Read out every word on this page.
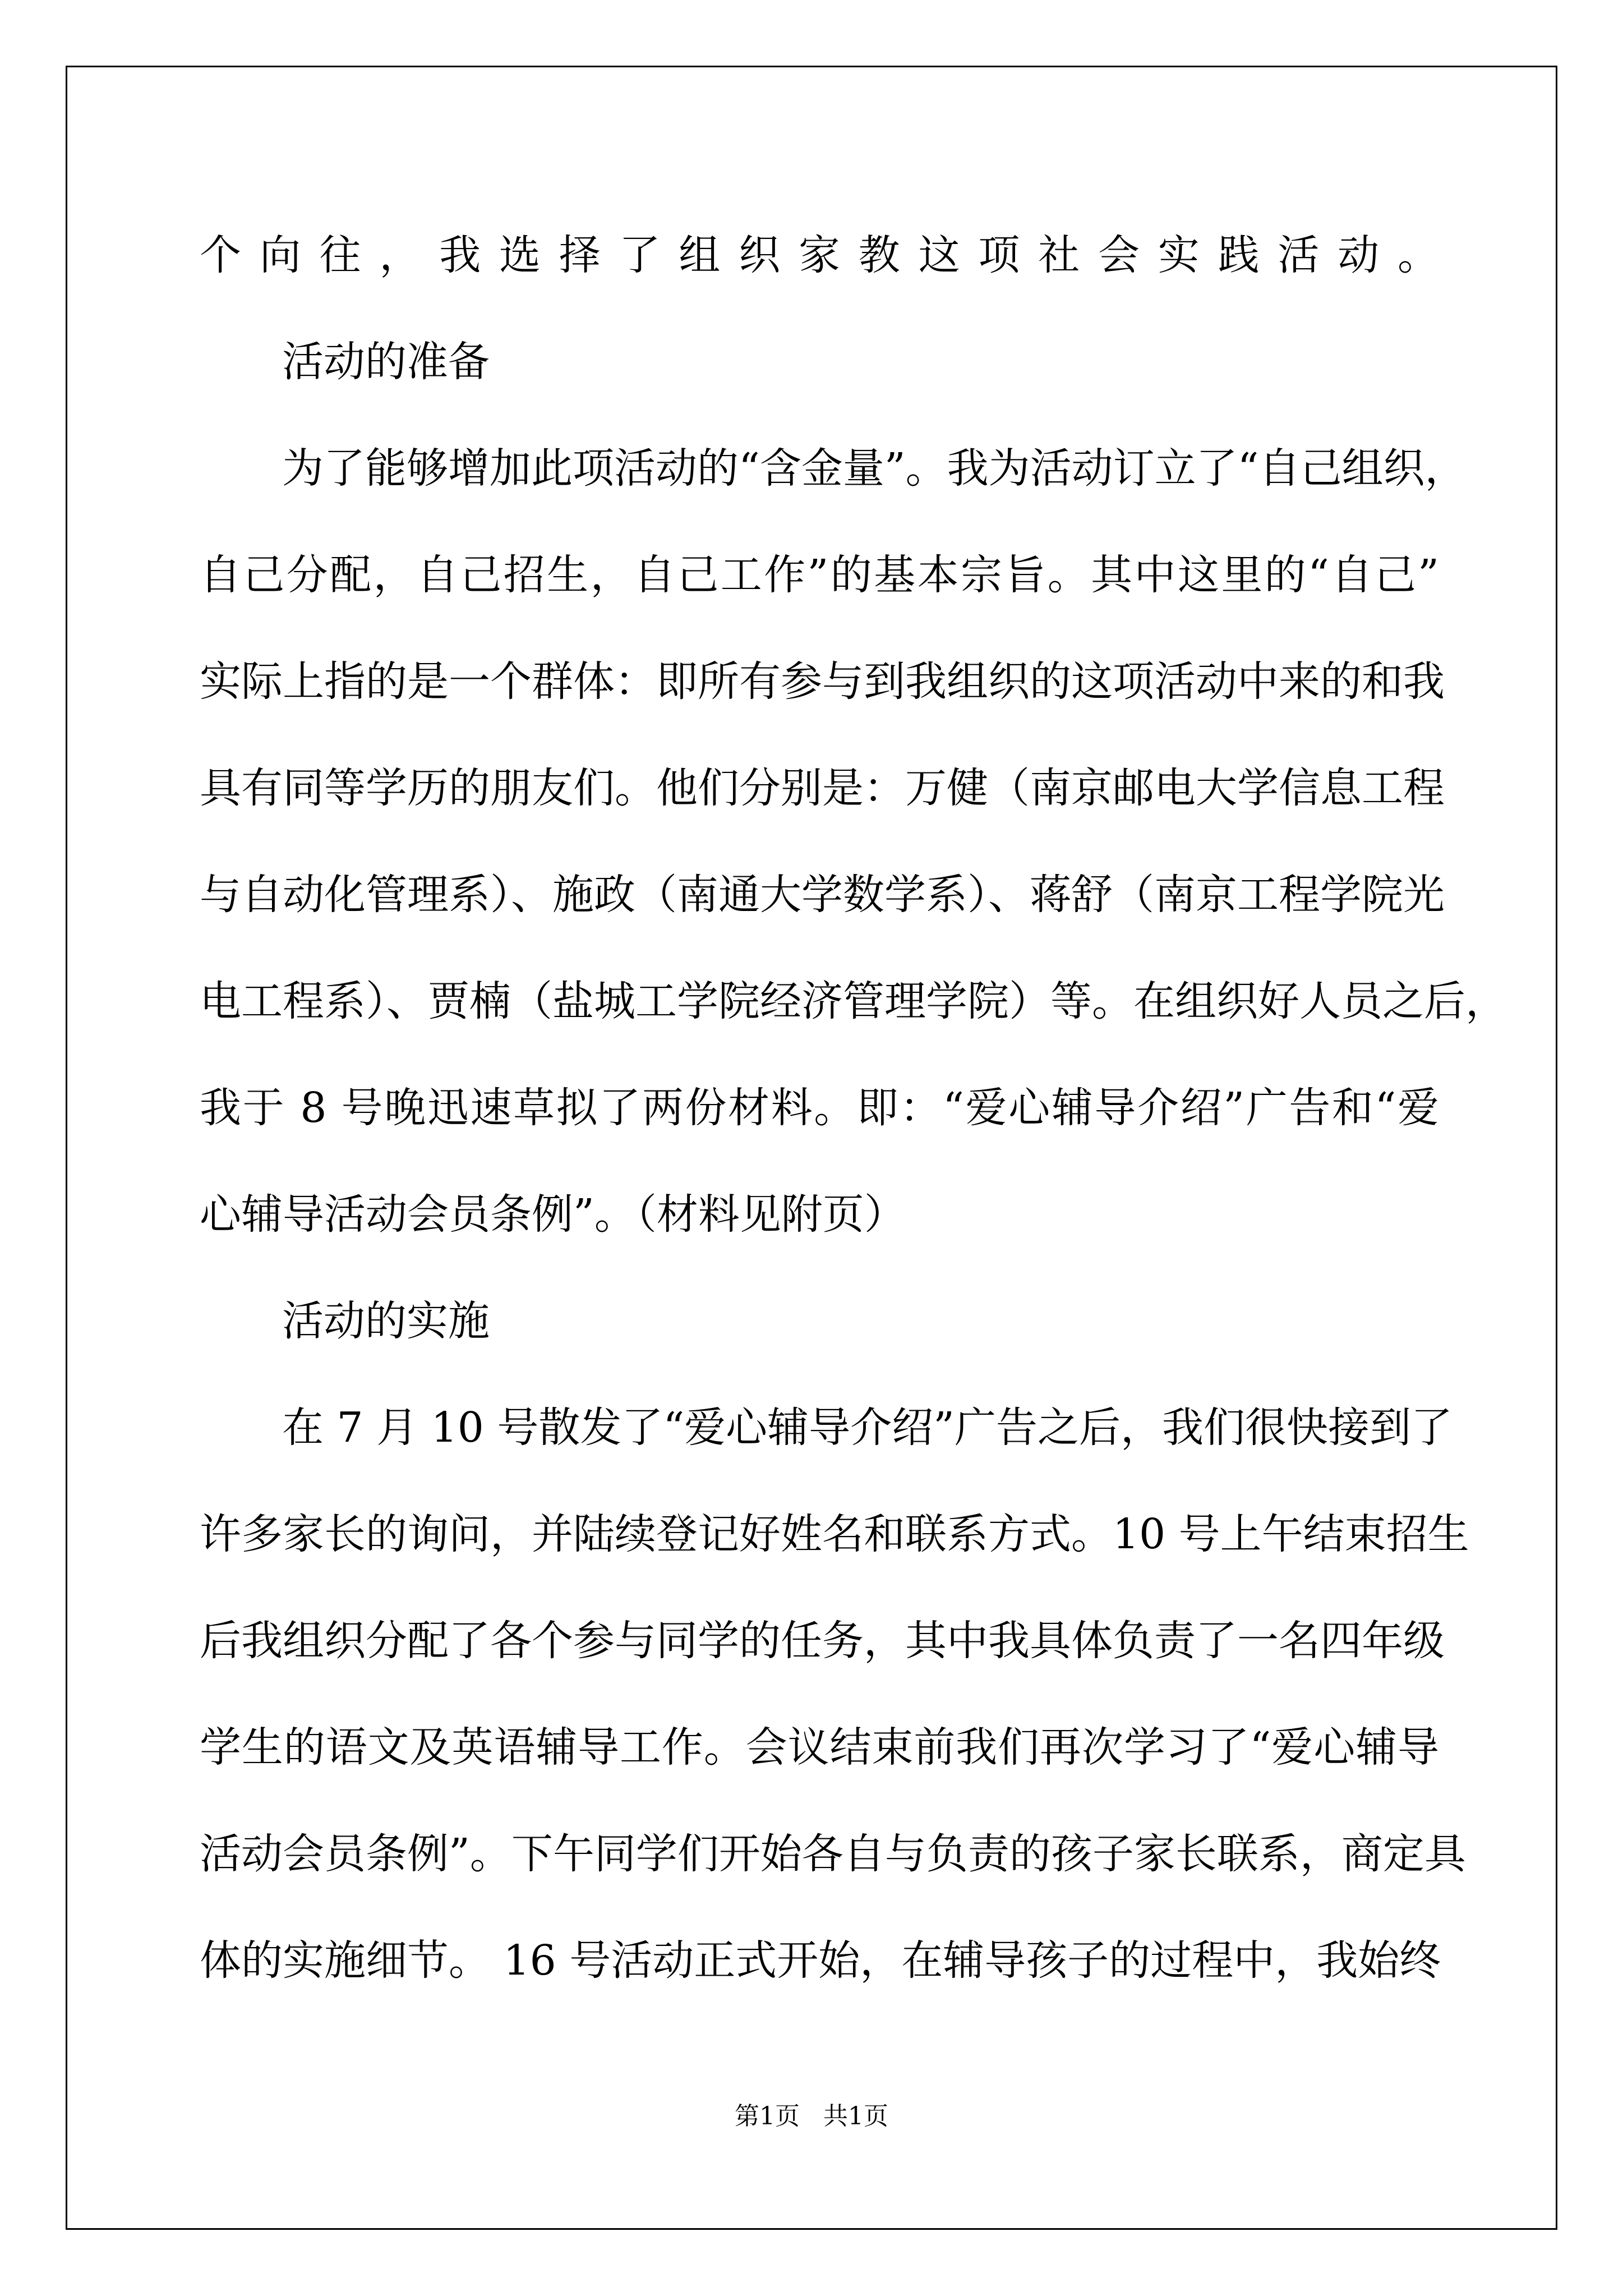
个向往，我选择了组织家教这项社会实践活动。
活动的准备
为了能够增加此项活动的“含金量”。我为活动订立了“自己组织，
自己分配，自己招生，自己工作”的基本宗旨。其中这里的“自己”
实际上指的是一个群体：即所有参与到我组织的这项活动中来的和我
具有同等学历的朋友们。他们分别是：万健（南京邮电大学信息工程
与自动化管理系）、施政（南通大学数学系）、蒋舒（南京工程学院光
电工程系）、贾楠（盐城工学院经济管理学院）等。在组织好人员之后，
我于 8 号晚迅速草拟了两份材料。即：“爱心辅导介绍”广告和“爱
心辅导活动会员条例”。（材料见附页）
活动的实施
在 7 月 10 号散发了“爱心辅导介绍”广告之后，我们很快接到了
许多家长的询问，并陆续登记好姓名和联系方式。10 号上午结束招生
后我组织分配了各个参与同学的任务，其中我具体负责了一名四年级
学生的语文及英语辅导工作。会议结束前我们再次学习了“爱心辅导
活动会员条例”。下午同学们开始各自与负责的孩子家长联系，商定具
体的实施细节。 16 号活动正式开始，在辅导孩子的过程中，我始终
第1页 共1页
